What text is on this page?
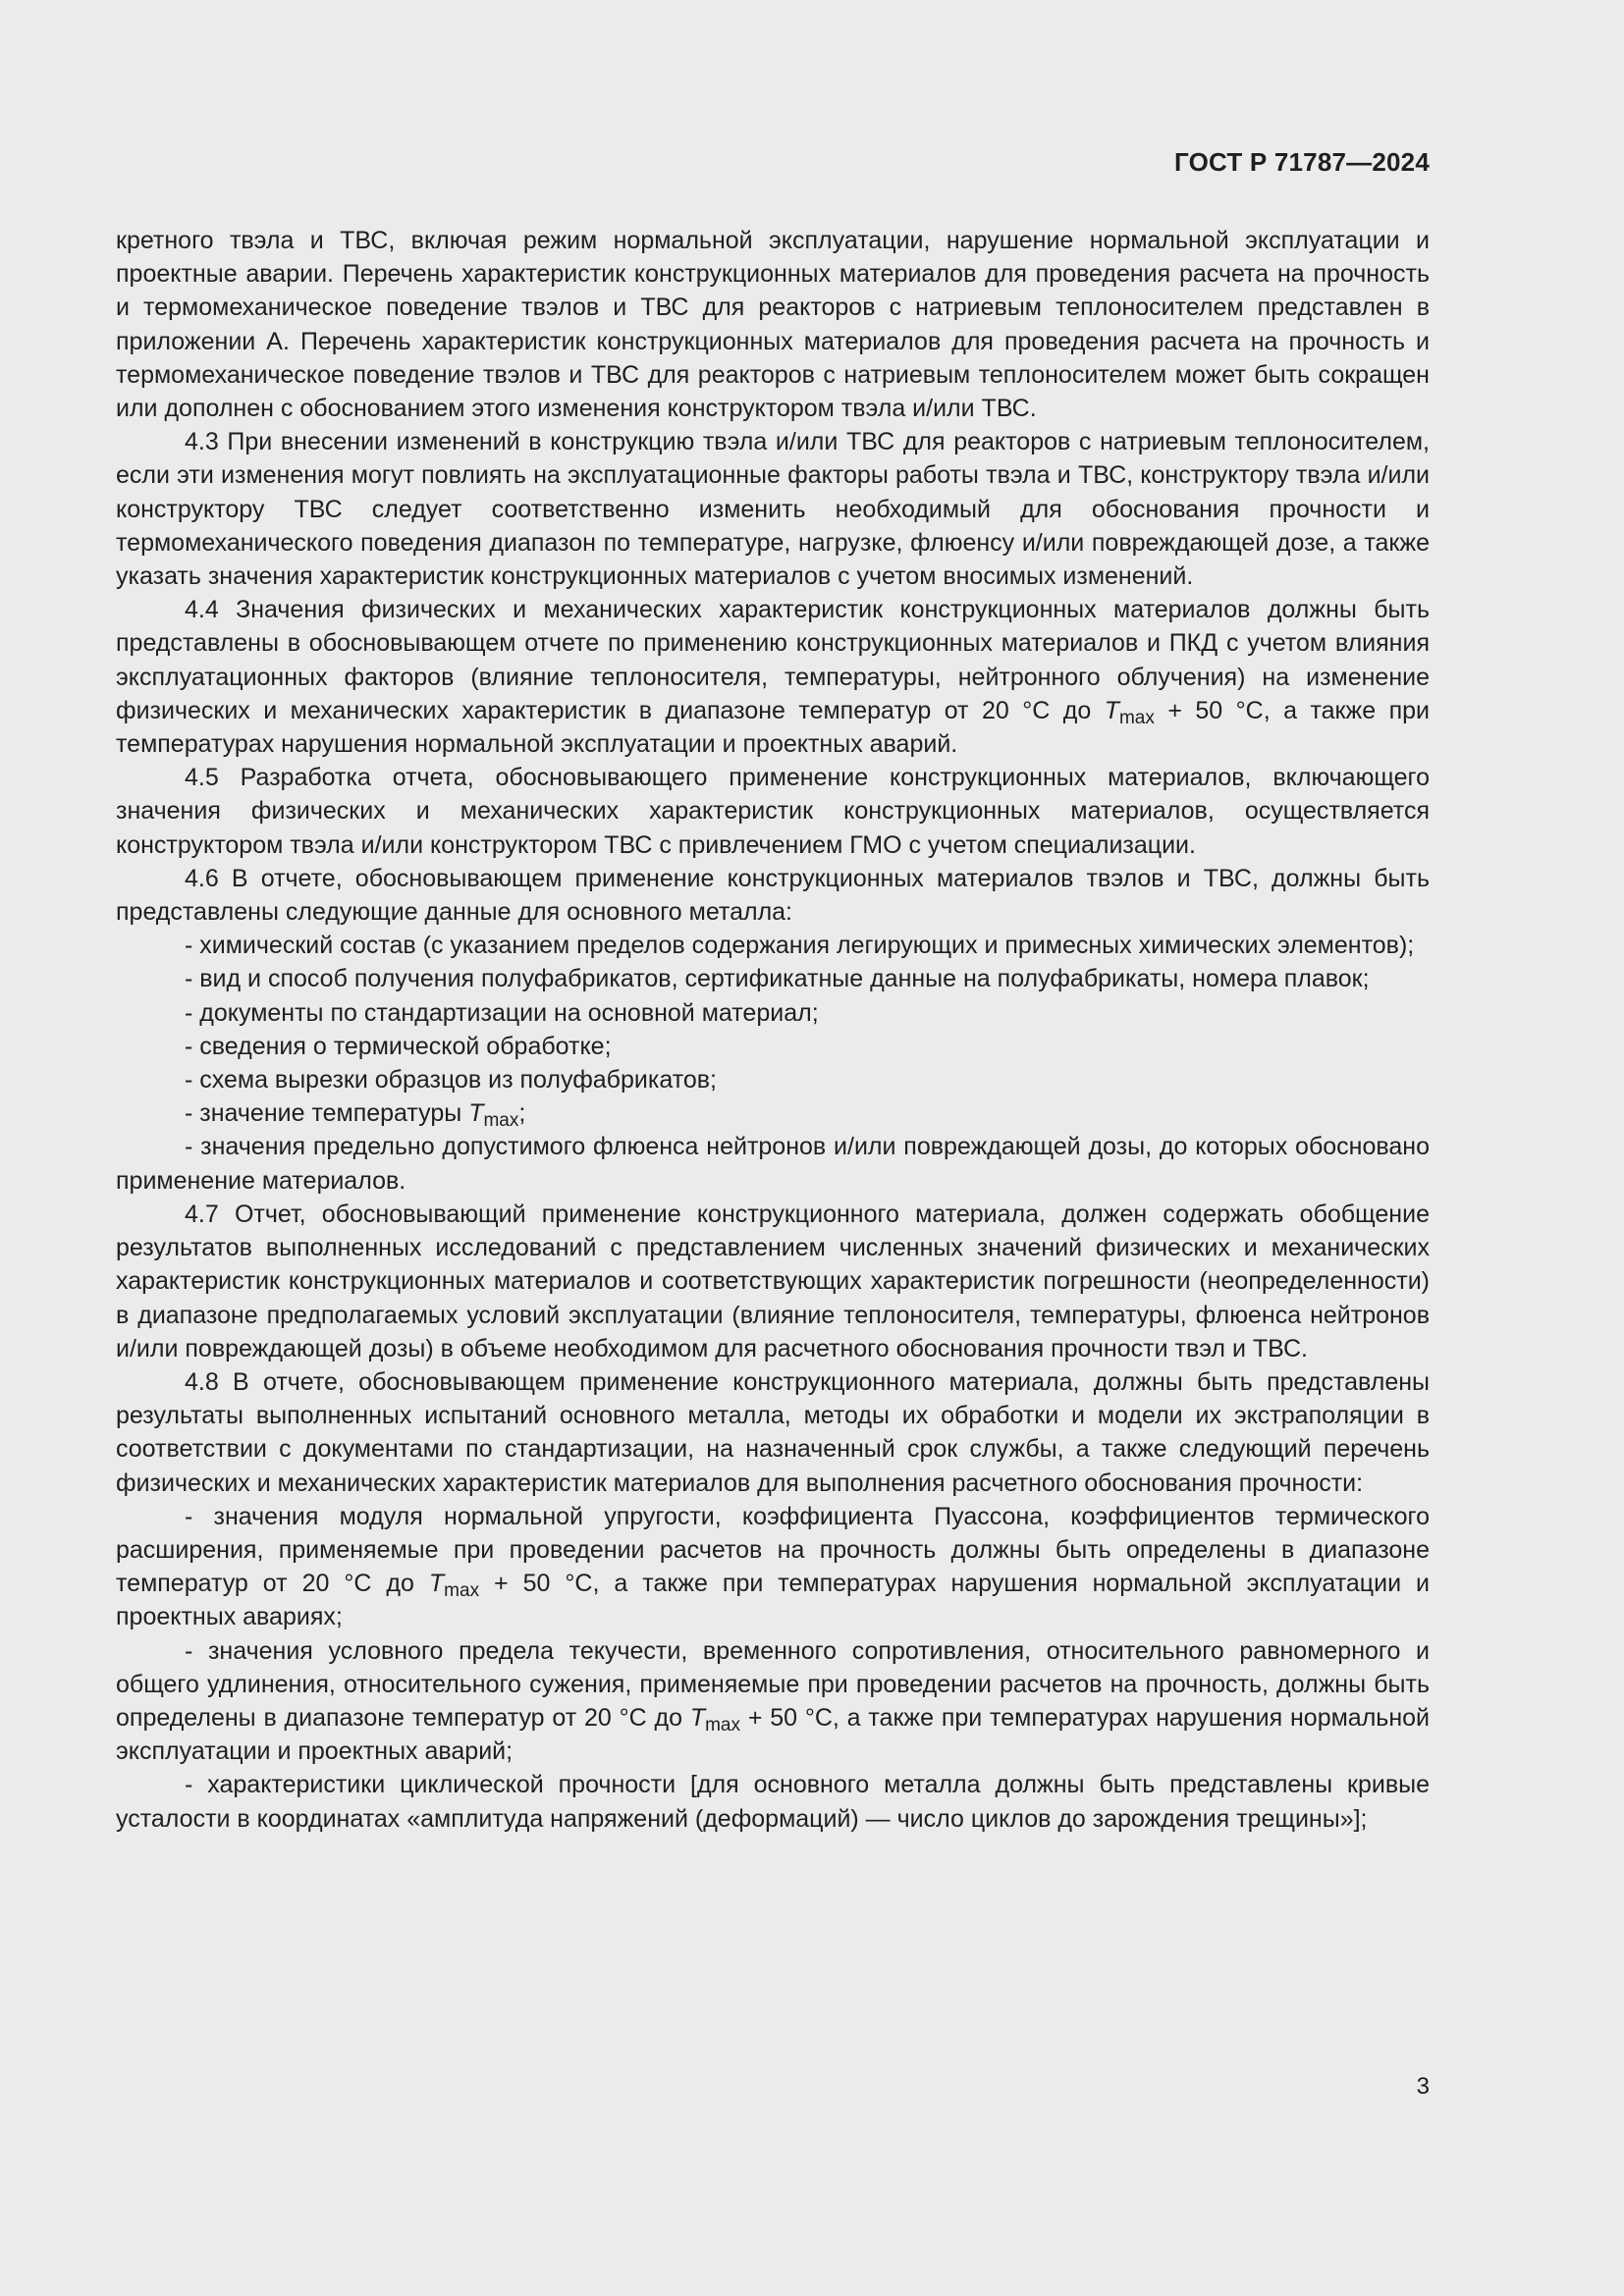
ГОСТ Р 71787—2024

кретного твэла и ТВС, включая режим нормальной эксплуатации, нарушение нормальной эксплуатации и проектные аварии. Перечень характеристик конструкционных материалов для проведения расчета на прочность и термомеханическое поведение твэлов и ТВС для реакторов с натриевым теплоносителем представлен в приложении А. Перечень характеристик конструкционных материалов для проведения расчета на прочность и термомеханическое поведение твэлов и ТВС для реакторов с натриевым теплоносителем может быть сокращен или дополнен с обоснованием этого изменения конструктором твэла и/или ТВС.

4.3 При внесении изменений в конструкцию твэла и/или ТВС для реакторов с натриевым теплоносителем, если эти изменения могут повлиять на эксплуатационные факторы работы твэла и ТВС, конструктору твэла и/или конструктору ТВС следует соответственно изменить необходимый для обоснования прочности и термомеханического поведения диапазон по температуре, нагрузке, флюенсу и/или повреждающей дозе, а также указать значения характеристик конструкционных материалов с учетом вносимых изменений.

4.4 Значения физических и механических характеристик конструкционных материалов должны быть представлены в обосновывающем отчете по применению конструкционных материалов и ПКД с учетом влияния эксплуатационных факторов (влияние теплоносителя, температуры, нейтронного облучения) на изменение физических и механических характеристик в диапазоне температур от 20 °С до $T_{max} + 50$ °С, а также при температурах нарушения нормальной эксплуатации и проектных аварий.

4.5 Разработка отчета, обосновывающего применение конструкционных материалов, включающего значения физических и механических характеристик конструкционных материалов, осуществляется конструктором твэла и/или конструктором ТВС с привлечением ГМО с учетом специализации.

4.6 В отчете, обосновывающем применение конструкционных материалов твэлов и ТВС, должны быть представлены следующие данные для основного металла:

- химический состав (с указанием пределов содержания легирующих и примесных химических элементов);

- вид и способ получения полуфабрикатов, сертификатные данные на полуфабрикаты, номера плавок;

- документы по стандартизации на основной материал;

- сведения о термической обработке;

- схема вырезки образцов из полуфабрикатов;

- значение температуры $T_{max}$;

- значения предельно допустимого флюенса нейтронов и/или повреждающей дозы, до которых обосновано применение материалов.

4.7 Отчет, обосновывающий применение конструкционного материала, должен содержать обобщение результатов выполненных исследований с представлением численных значений физических и механических характеристик конструкционных материалов и соответствующих характеристик погрешности (неопределенности) в диапазоне предполагаемых условий эксплуатации (влияние теплоносителя, температуры, флюенса нейтронов и/или повреждающей дозы) в объеме необходимом для расчетного обоснования прочности твэл и ТВС.

4.8 В отчете, обосновывающем применение конструкционного материала, должны быть представлены результаты выполненных испытаний основного металла, методы их обработки и модели их экстраполяции в соответствии с документами по стандартизации, на назначенный срок службы, а также следующий перечень физических и механических характеристик материалов для выполнения расчетного обоснования прочности:

- значения модуля нормальной упругости, коэффициента Пуассона, коэффициентов термического расширения, применяемые при проведении расчетов на прочность должны быть определены в диапазоне температур от 20 °С до $T_{max} + 50$ °С, а также при температурах нарушения нормальной эксплуатации и проектных авариях;

- значения условного предела текучести, временного сопротивления, относительного равномерного и общего удлинения, относительного сужения, применяемые при проведении расчетов на прочность, должны быть определены в диапазоне температур от 20 °С до $T_{max} + 50$ °С, а также при температурах нарушения нормальной эксплуатации и проектных аварий;

- характеристики циклической прочности [для основного металла должны быть представлены кривые усталости в координатах «амплитуда напряжений (деформаций) — число циклов до зарождения трещины»];

3
